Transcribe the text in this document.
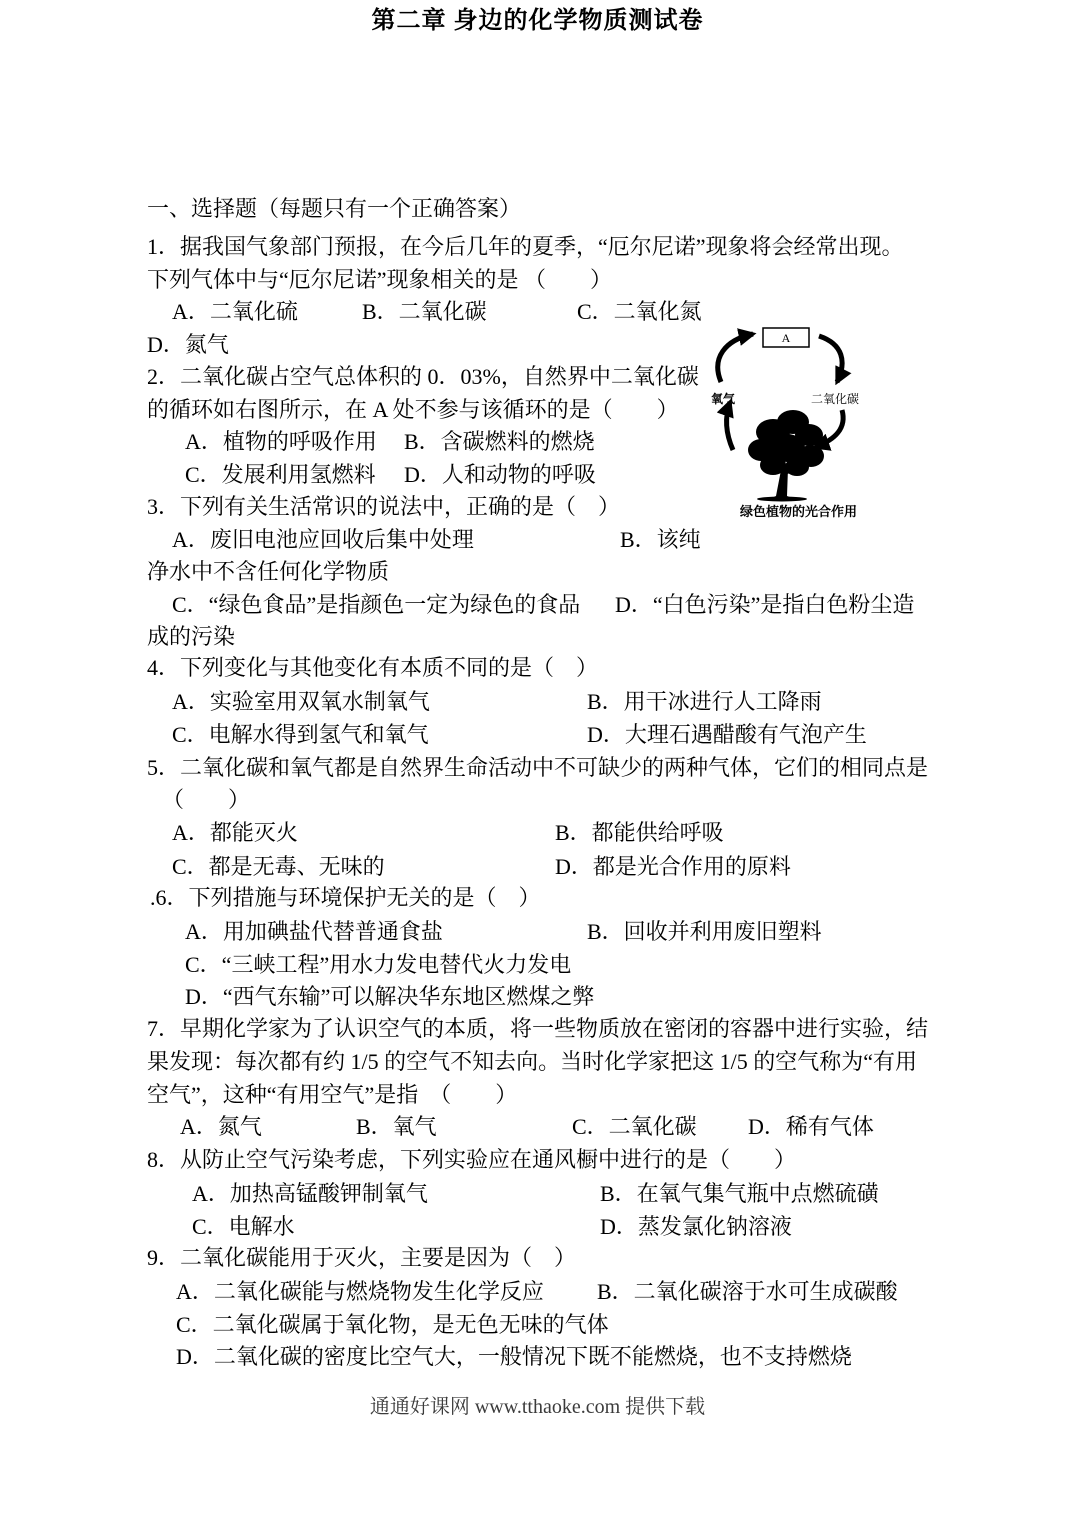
第二章 身边的化学物质测试卷
一、选择题（每题只有一个正确答案）
1．据我国气象部门预报，在今后几年的夏季，“厄尔尼诺”现象将会经常出现。
下列气体中与“厄尔尼诺”现象相关的是 （　　）
A．二氧化硫	B．二氧化碳	C．二氧化氮
D．氮气
2．二氧化碳占空气总体积的 0．03%，自然界中二氧化碳
的循环如右图所示，在 A 处不参与该循环的是（　　）
A．植物的呼吸作用 B．含碳燃料的燃烧
C．发展利用氢燃料 D．人和动物的呼吸
3．下列有关生活常识的说法中，正确的是（　）
A．废旧电池应回收后集中处理	B．该纯
净水中不含任何化学物质
C．“绿色食品”是指颜色一定为绿色的食品 D．“白色污染”是指白色粉尘造
成的污染
4．下列变化与其他变化有本质不同的是（　）
A．实验室用双氧水制氧气	B．用干冰进行人工降雨
C．电解水得到氢气和氧气	D．大理石遇醋酸有气泡产生
5．二氧化碳和氧气都是自然界生命活动中不可缺少的两种气体，它们的相同点是
（　　）
A．都能灭火	B．都能供给呼吸
C．都是无毒、无味的	D．都是光合作用的原料
.6．下列措施与环境保护无关的是（　）
A．用加碘盐代替普通食盐	B．回收并利用废旧塑料
C．“三峡工程”用水力发电替代火力发电
D．“西气东输”可以解决华东地区燃煤之弊
7．早期化学家为了认识空气的本质，将一些物质放在密闭的容器中进行实验，结
果发现：每次都有约 1/5 的空气不知去向。当时化学家把这 1/5 的空气称为“有用
空气”，这种“有用空气”是指　（　　）
A．氮气	B．氧气	C．二氧化碳 D．稀有气体
8．从防止空气污染考虑，下列实验应在通风橱中进行的是（　　）
A．加热高锰酸钾制氧气	B．在氧气集气瓶中点燃硫磺
C．电解水	D．蒸发氯化钠溶液
9．二氧化碳能用于灭火，主要是因为（　）
A．二氧化碳能与燃烧物发生化学反应 B．二氧化碳溶于水可生成碳酸
C．二氧化碳属于氧化物，是无色无味的气体
D．二氧化碳的密度比空气大，一般情况下既不能燃烧，也不支持燃烧
A
氧气	二氧化碳
绿色植物的光合作用
通通好课网 www.tthaoke.com 提供下载
